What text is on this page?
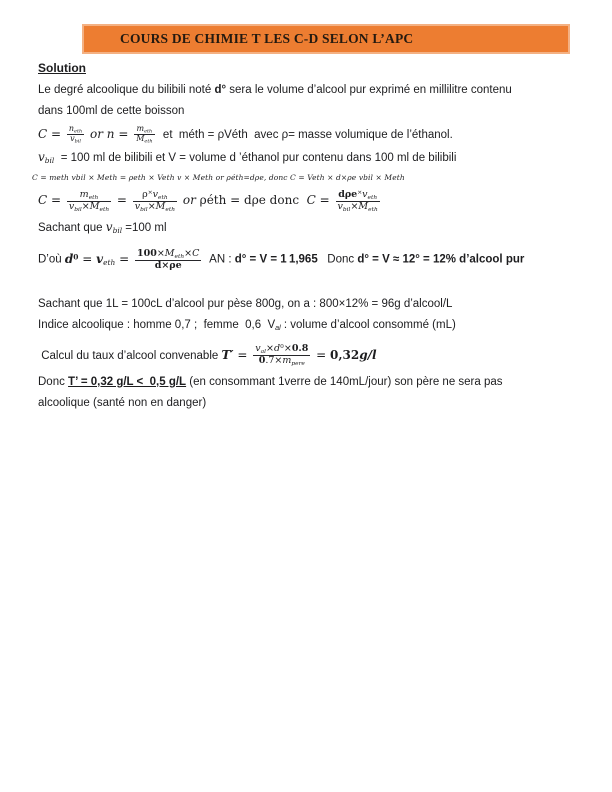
COURS DE CHIMIE T LES C-D SELON L’APC
Solution
Le degré alcoolique du bilibili noté d° sera le volume d’alcool pur exprimé en millilitre contenu
dans 100ml de cette boisson
$C = \frac{n_{eth}}{v_{bil}}$ or $n = \frac{m_{eth}}{M_{eth}}$ et  méth = ρVéth  avec ρ= masse volumique de l’éthanol.
$v_{bil} = 100$ ml de bilibili et V = volume d ’éthanol pur contenu dans 100 ml de bilibili
C = meth vbil × Meth = ρeth × Veth v × Meth or ρéth=dρe, donc C = Veth × d×ρe vbil × Meth
$C = \frac{m_{eth}}{v_{bil}\times M_{eth}} = \frac{\rho^\times v_{eth}}{v_{bil}\times M_{eth}}$ or ρéth = dρe donc  $C = \frac{d\rho e^\times v_{eth}}{v_{bil}\times M_{eth}}$
Sachant que $v_{bil} =100$ ml
D’où $d^0 = v_{eth} = \frac{100\times M_{eth}\times C}{d\times\rho e}$ AN : d° = V = 1 1,965   Donc d° = V ≈ 12° = 12% d’alcool pur
Sachant que 1L = 100cL d’alcool pur pèse 800g, on a : 800×12% = 96g d’alcool/L
Indice alcoolique : homme 0,7 ;  femme  0,6  $V_{al}$ : volume d’alcool consommé (mL)
Calcul du taux d’alcool convenable $T' = \frac{v_{al}\times d^0\times 0.8}{0.7\times m_{pere}} = 0,32g/l$
Donc T’ = 0,32 g/L <  0,5 g/L (en consommant 1verre de 140mL/jour) son père ne sera pas
alcoolique (santé non en danger)
